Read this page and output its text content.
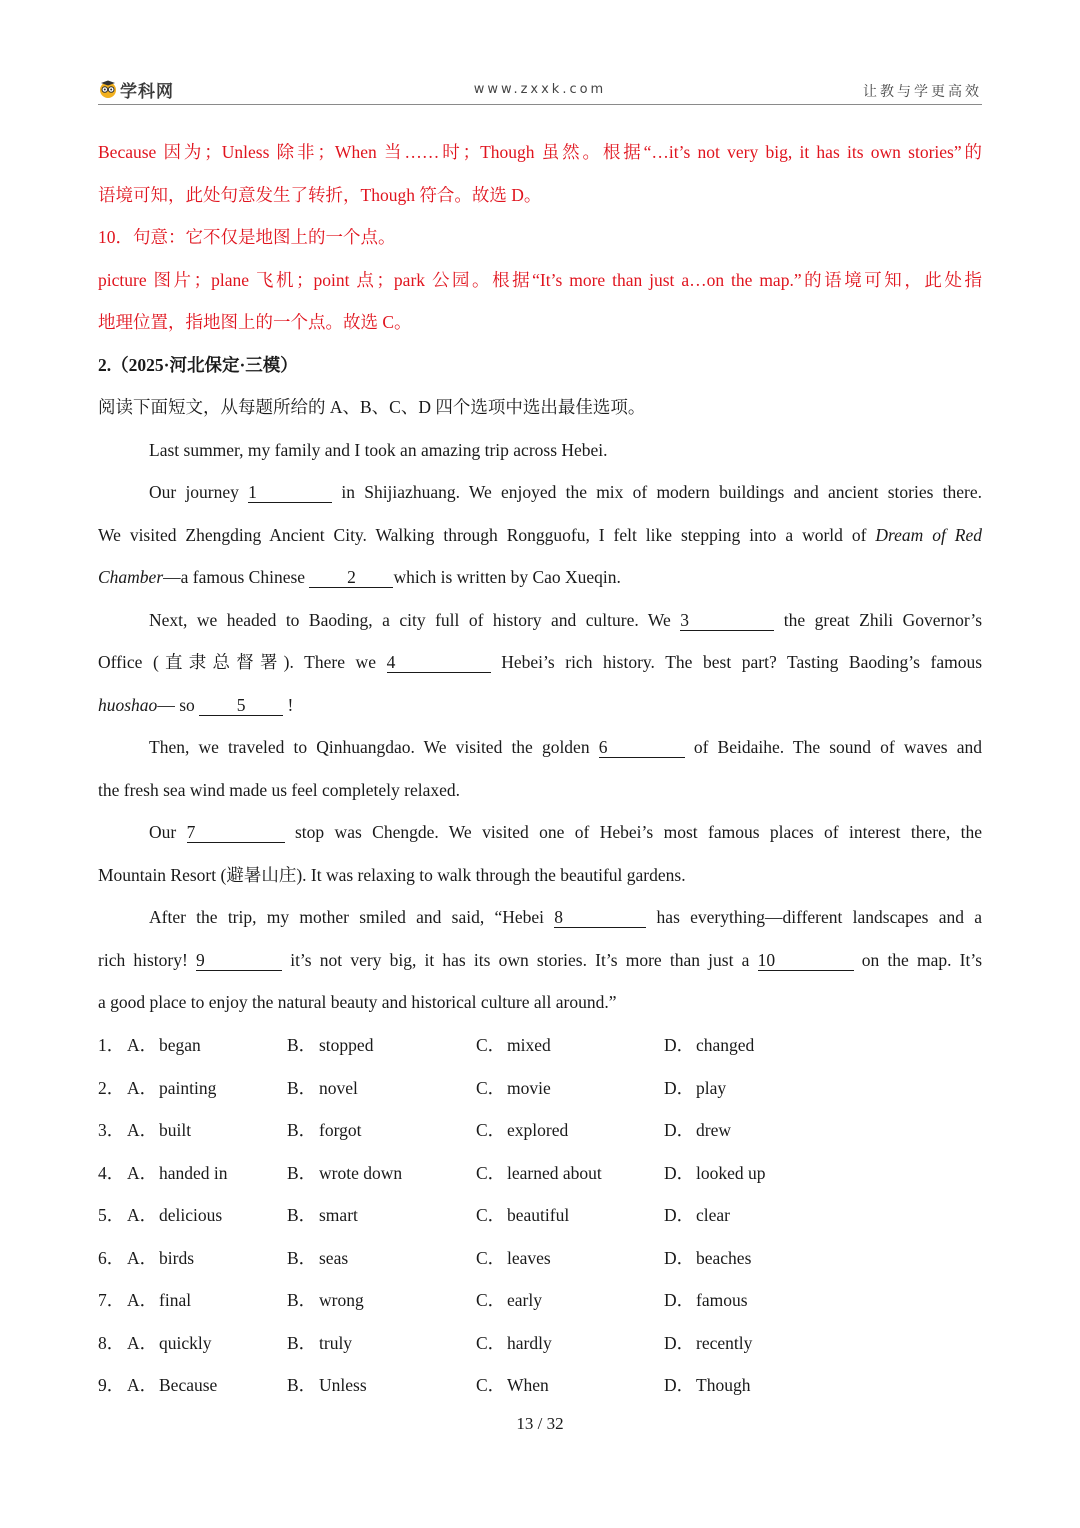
学科网	www.zxxk.com	让教与学更高效
Because 因为；Unless 除非；When 当……时；Though 虽然。根据“…it’s not very big, it has its own stories”的
语境可知，此处句意发生了转折，Though 符合。故选 D。
10．句意：它不仅是地图上的一个点。
picture 图片；plane 飞机；point 点；park 公园。根据“It’s more than just a…on the map.”的语境可知，此处指
地理位置，指地图上的一个点。故选 C。
2.（2025·河北保定·三模）
阅读下面短文，从每题所给的 A、B、C、D 四个选项中选出最佳选项。
Last summer, my family and I took an amazing trip across Hebei.
Our journey 1	in Shijiazhuang. We enjoyed the mix of modern buildings and ancient stories there.
We visited Zhengding Ancient City. Walking through Rongguofu, I felt like stepping into a world of Dream of Red
Chamber—a famous Chinese 2 which is written by Cao Xueqin.
Next, we headed to Baoding, a city full of history and culture. We 3	the great Zhili Governor’s
Office (直隶总督署). There we 4	Hebei’s rich history. The best part? Tasting Baoding’s famous
huoshao— so 5 !
Then, we traveled to Qinhuangdao. We visited the golden 6	of Beidaihe. The sound of waves and
the fresh sea wind made us feel completely relaxed.
Our 7	stop was Chengde. We visited one of Hebei’s most famous places of interest there, the
Mountain Resort (避暑山庄). It was relaxing to walk through the beautiful gardens.
After the trip, my mother smiled and said, “Hebei 8	has everything—different landscapes and a
rich history! 9	it’s not very big, it has its own stories. It’s more than just a 10	on the map. It’s
a good place to enjoy the natural beauty and historical culture all around.”
1． A． began	B． stopped	C． mixed	D． changed
2． A． painting	B． novel	C． movie	D． play
3． A． built	B． forgot	C． explored	D． drew
4． A． handed in	B． wrote down	C． learned about	D． looked up
5． A． delicious	B． smart	C． beautiful	D． clear
6． A． birds	B． seas	C． leaves	D． beaches
7． A． final	B． wrong	C． early	D． famous
8． A． quickly	B． truly	C． hardly	D． recently
9． A． Because	B． Unless	C． When	D． Though
13 / 32
